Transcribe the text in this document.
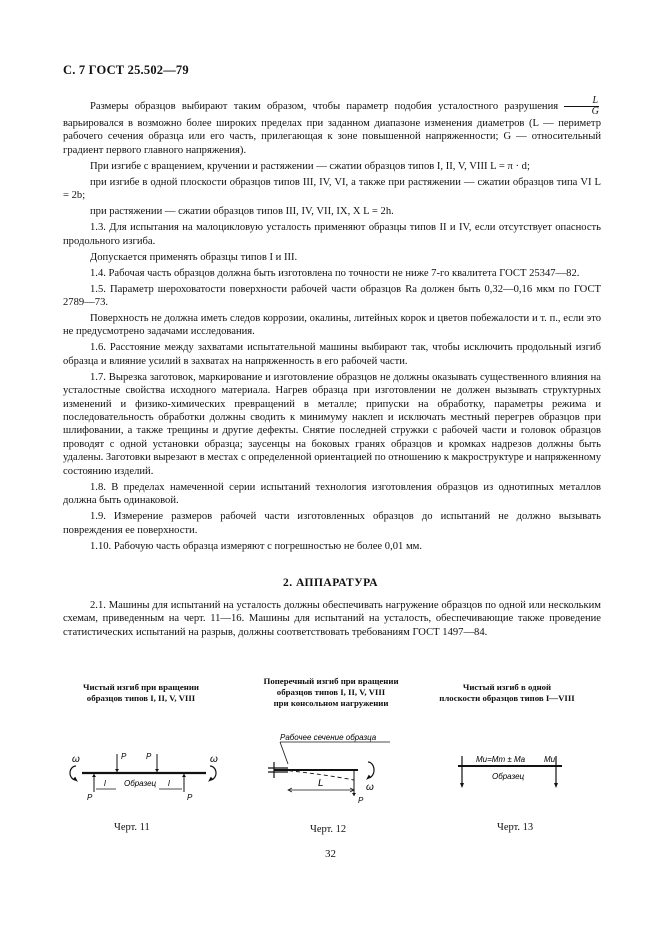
С. 7 ГОСТ 25.502—79

Размеры образцов выбирают таким образом, чтобы параметр подобия усталостного разрушения $\frac{L}{G}$
варьировался в возможно более широких пределах при заданном диапазоне изменения диаметров (L — периметр рабочего сечения образца или его часть, прилегающая к зоне повышенной напряженности; G — относительный градиент первого главного напряжения).

При изгибе с вращением, кручении и растяжении — сжатии образцов типов I, II, V, VIII L = π · d;

при изгибе в одной плоскости образцов типов III, IV, VI, а также при растяжении — сжатии образцов типа VI L = 2b;

при растяжении — сжатии образцов типов III, IV, VII, IX, X L = 2h.

1.3. Для испытания на малоцикловую усталость применяют образцы типов II и IV, если отсутствует опасность продольного изгиба.

Допускается применять образцы типов I и III.

1.4. Рабочая часть образцов должна быть изготовлена по точности не ниже 7-го квалитета ГОСТ 25347—82.

1.5. Параметр шероховатости поверхности рабочей части образцов Ra должен быть 0,32—0,16 мкм по ГОСТ 2789—73.

Поверхность не должна иметь следов коррозии, окалины, литейных корок и цветов побежалости и т. п., если это не предусмотрено задачами исследования.

1.6. Расстояние между захватами испытательной машины выбирают так, чтобы исключить продольный изгиб образца и влияние усилий в захватах на напряженность в его рабочей части.

1.7. Вырезка заготовок, маркирование и изготовление образцов не должны оказывать существенного влияния на усталостные свойства исходного материала. Нагрев образца при изготовлении не должен вызывать структурных изменений и физико-химических превращений в металле; припуски на обработку, параметры режима и последовательность обработки должны сводить к минимуму наклеп и исключать местный перегрев образцов при шлифовании, а также трещины и другие дефекты. Снятие последней стружки с рабочей части и головок образцов проводят с одной установки образца; заусенцы на боковых гранях образцов и кромках надрезов должны быть удалены. Заготовки вырезают в местах с определенной ориентацией по отношению к макроструктуре и напряженному состоянию изделий.

1.8. В пределах намеченной серии испытаний технология изготовления образцов из однотипных металлов должна быть одинаковой.

1.9. Измерение размеров рабочей части изготовленных образцов до испытаний не должно вызывать повреждения ее поверхности.

1.10. Рабочую часть образца измеряют с погрешностью не более 0,01 мм.

2. АППАРАТУРА

2.1. Машины для испытаний на усталость должны обеспечивать нагружение образцов по одной или нескольким схемам, приведенным на черт. 11—16. Машины для испытаний на усталость, обеспечивающие также проведение статистических испытаний на разрыв, должны соответствовать требованиям ГОСТ 1497—84.

Чистый изгиб при вращении
образцов типов I, II, V, VIII
Поперечный изгиб при вращении
образцов типов I, II, V, VIII
при консольном нагружении
Чистый изгиб в одной
плоскости образцов типов I—VIII
ω	ω
P
P
l
P
P
l
Образец
Рабочее сечение образца
ω
P
L
Mи=Mm ± Ma Mи
Образец
Черт. 11	Черт. 12	Черт. 13
32
